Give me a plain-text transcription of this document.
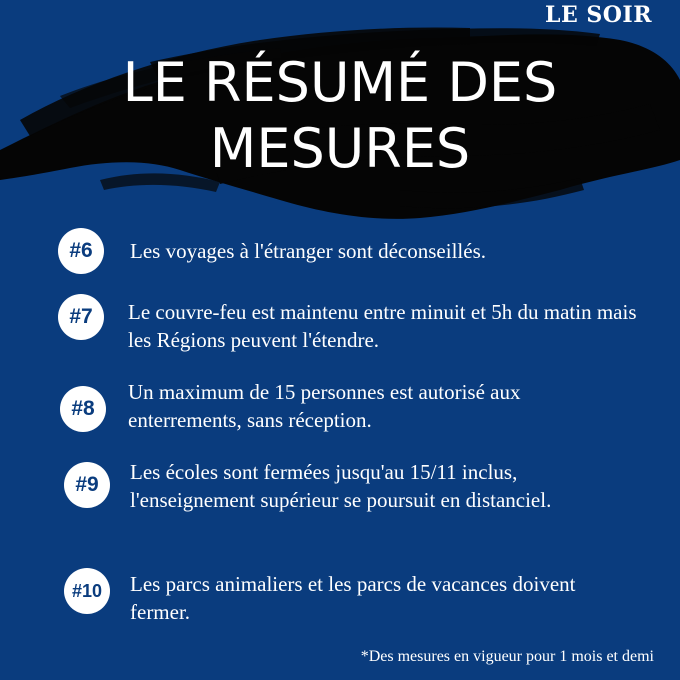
LE SOIR
LE RÉSUMÉ DES
MESURES
#6	Les voyages à l'étranger sont déconseillés.
#7	Le couvre-feu est maintenu entre minuit et 5h du matin mais les Régions peuvent l'étendre.
#8
Un maximum de 15 personnes est autorisé aux enterrements, sans réception.
#9
Les écoles sont fermées jusqu'au 15/11 inclus, l'enseignement supérieur se poursuit en distanciel.
#10	Les parcs animaliers et les parcs de vacances doivent fermer.
*Des mesures en vigueur pour 1 mois et demi
